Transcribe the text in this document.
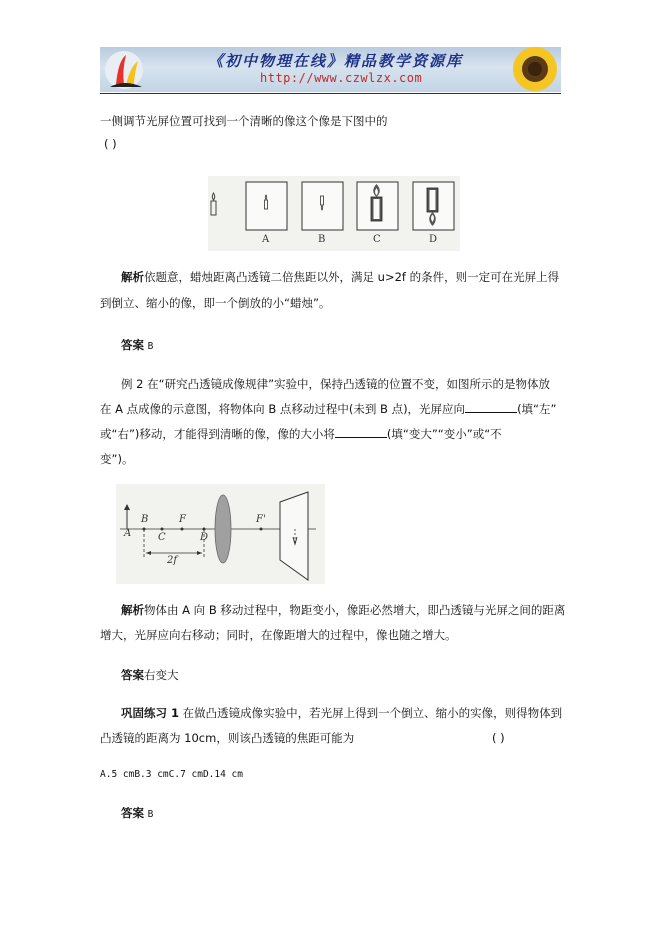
《初中物理在线》精品教学资源库
http://www.czwlzx.com
一侧调节光屏位置可找到一个清晰的像这个像是下图中的
( )
A	B	C	D
解析依题意，蜡烛距离凸透镜二倍焦距以外，满足 u>2f 的条件，则一定可在光屏上得
到倒立、缩小的像，即一个倒放的小“蜡烛”。
答案 B
例 2 在“研究凸透镜成像规律”实验中，保持凸透镜的位置不变，如图所示的是物体放
在 A 点成像的示意图，将物体向 B 点移动过程中(未到 B 点)，光屏应向	(填“左”
或“右”)移动，才能得到清晰的像，像的大小将	(填“变大”“变小”或“不
变”)。
A
B
C
F
D
F'
2f
解析物体由 A 向 B 移动过程中，物距变小，像距必然增大，即凸透镜与光屏之间的距离
增大，光屏应向右移动；同时，在像距增大的过程中，像也随之增大。
答案右变大
巩固练习 1 在做凸透镜成像实验中，若光屏上得到一个倒立、缩小的实像，则得物体到
凸透镜的距离为 10cm，则该凸透镜的焦距可能为	( )
A.5 cmB.3 cmC.7 cmD.14 cm
答案 B
